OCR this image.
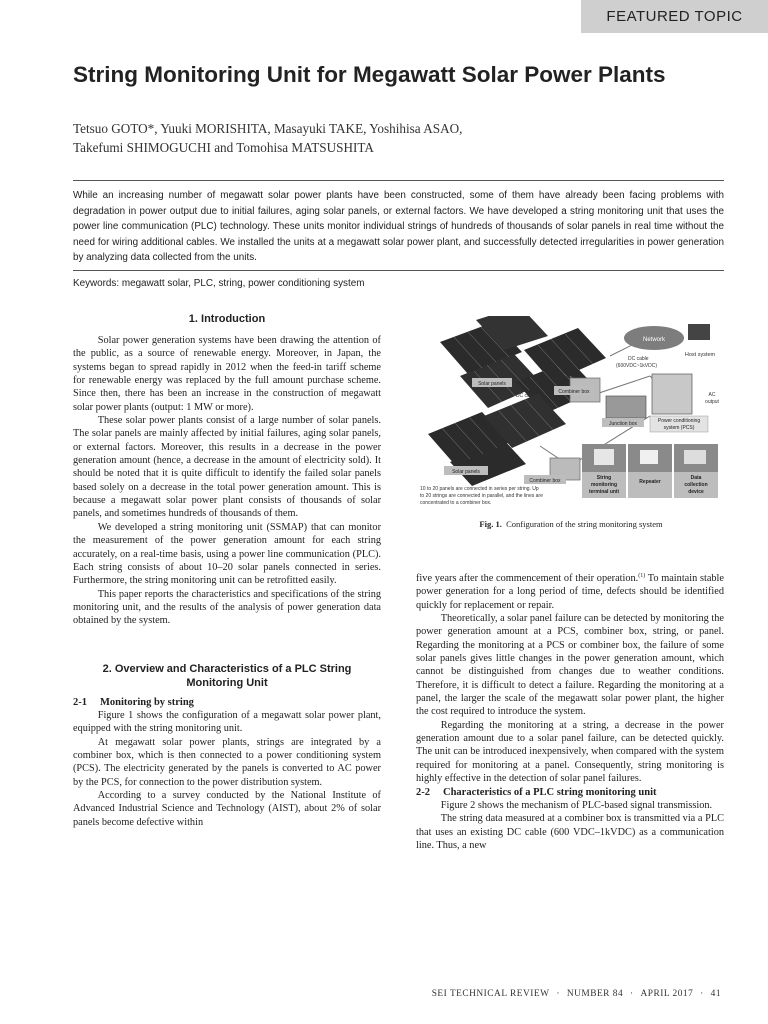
FEATURED TOPIC
String Monitoring Unit for Megawatt Solar Power Plants
Tetsuo GOTO*, Yuuki MORISHITA, Masayuki TAKE, Yoshihisa ASAO,
Takefumi SHIMOGUCHI and Tomohisa MATSUSHITA
While an increasing number of megawatt solar power plants have been constructed, some of them have already been facing problems with degradation in power output due to initial failures, aging solar panels, or external factors. We have developed a string monitoring unit that uses the power line communication (PLC) technology. These units monitor individual strings of hundreds of thousands of solar panels in real time without the need for wiring additional cables. We installed the units at a megawatt solar power plant, and successfully detected irregularities in power generation by analyzing data collected from the units.
Keywords: megawatt solar, PLC, string, power conditioning system
1. Introduction

Solar power generation systems have been drawing the attention of the public, as a source of renewable energy. Moreover, in Japan, the systems began to spread rapidly in 2012 when the feed-in tariff scheme for renewable energy was replaced by the full amount purchase scheme. Since then, there has been an increase in the construction of megawatt solar power plants (output: 1 MW or more).

These solar power plants consist of a large number of solar panels. The solar panels are mainly affected by initial failures, aging solar panels, or external factors. Moreover, this results in a decrease in the power generation amount (hence, a decrease in the amount of electricity sold). It should be noted that it is quite difficult to identify the failed solar panels based solely on a decrease in the total power generation amount. This is because a megawatt solar power plant consists of thousands of solar panels, and sometimes hundreds of thousands of them.

We developed a string monitoring unit (SSMAP) that can monitor the measurement of the power generation amount for each string accurately, on a real-time basis, using a power line communication (PLC). Each string consists of about 10–20 solar panels connected in series. Furthermore, the string monitoring unit can be retrofitted easily.

This paper reports the characteristics and specifications of the string monitoring unit, and the results of the analysis of power generation data obtained by the system.

2. Overview and Characteristics of a PLC String Monitoring Unit

2-1 Monitoring by string

Figure 1 shows the configuration of a megawatt solar power plant, equipped with the string monitoring unit.

At megawatt solar power plants, strings are integrated by a combiner box, which is then connected to a power conditioning system (PCS). The electricity generated by the panels is converted to AC power by the PCS, for connection to the power distribution system.

According to a survey conducted by the National Institute of Advanced Industrial Science and Technology (AIST), about 2% of solar panels become defective within

Network
Host system
DC cable
(600VDC~1kVDC)
Solar panels
Combiner box
DC current
sensor
AC
output
Junction box	Power conditioning
system (PCS)
Solar panels
Combiner box
10 to 20 panels are connected in series per string. Up
to 20 strings are connected in parallel, and the lines are
concentrated to a combiner box.
String
monitoring
terminal unit
Repeater
Data
collection
device
Fig. 1. Configuration of the string monitoring system

five years after the commencement of their operation.$^{(1)}$ To maintain stable power generation for a long period of time, defects should be identified quickly for replacement or repair.

Theoretically, a solar panel failure can be detected by monitoring the power generation amount at a PCS, combiner box, string, or panel. Regarding the monitoring at a PCS or combiner box, the failure of some solar panels gives little changes in the power generation amount, which cannot be distinguished from changes due to weather conditions. Therefore, it is difficult to detect a failure. Regarding the monitoring at a panel, the larger the scale of the megawatt solar power plant, the higher the cost required to introduce the system.

Regarding the monitoring at a string, a decrease in the power generation amount due to a solar panel failure, can be detected quickly. The unit can be introduced inexpensively, when compared with the system required for monitoring at a panel. Consequently, string monitoring is highly effective in the detection of solar panel failures.

2-2 Characteristics of a PLC string monitoring unit

Figure 2 shows the mechanism of PLC-based signal transmission.

The string data measured at a combiner box is transmitted via a PLC that uses an existing DC cable (600 VDC–1kVDC) as a communication line. Thus, a new

SEI TECHNICAL REVIEW · NUMBER 84 · APRIL 2017 · 41
